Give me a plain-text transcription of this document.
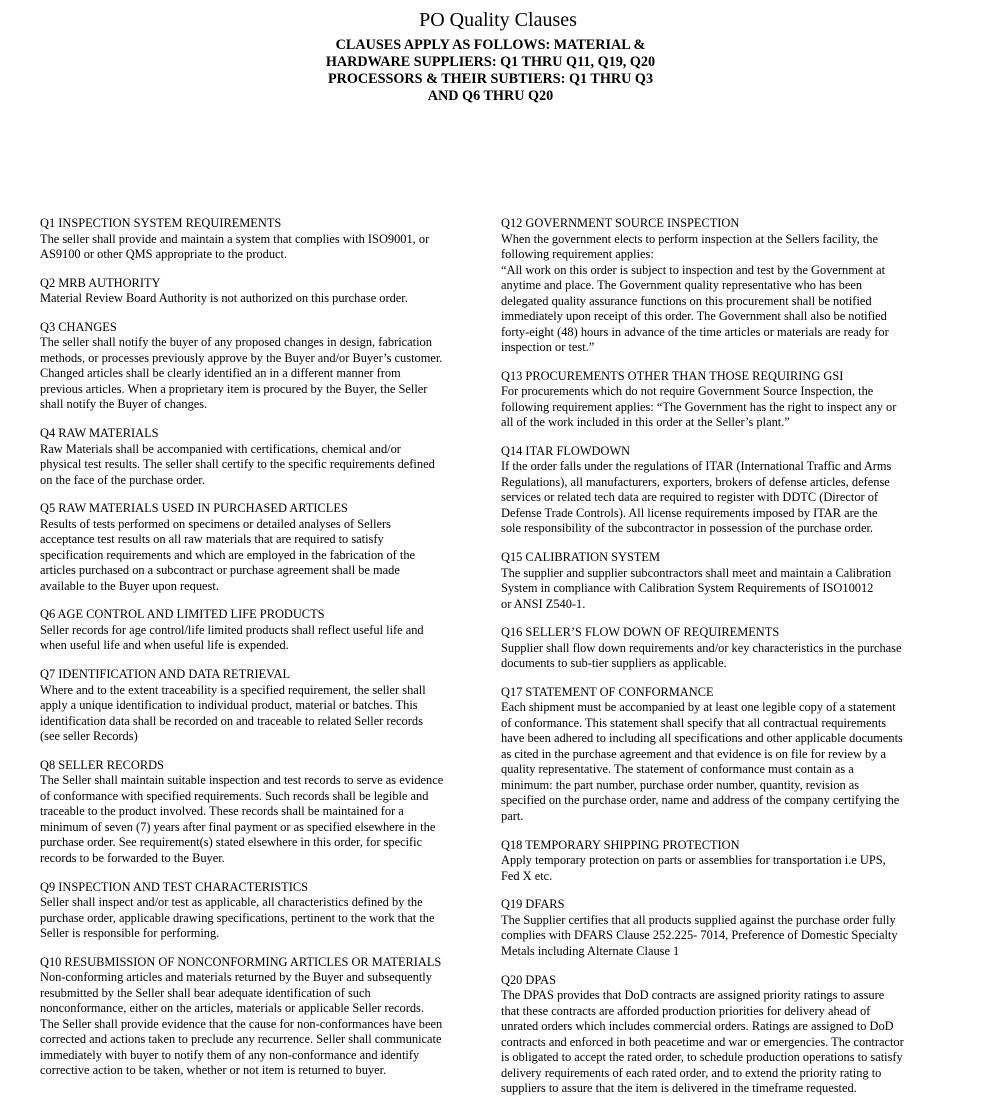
PO Quality Clauses
CLAUSES APPLY AS FOLLOWS: MATERIAL &
HARDWARE SUPPLIERS: Q1 THRU Q11, Q19, Q20
PROCESSORS & THEIR SUBTIERS: Q1 THRU Q3
AND Q6 THRU Q20
Q1 INSPECTION SYSTEM REQUIREMENTS
The seller shall provide and maintain a system that complies with ISO9001, or
AS9100 or other QMS appropriate to the product.
Q2 MRB AUTHORITY
Material Review Board Authority is not authorized on this purchase order.
Q3 CHANGES
The seller shall notify the buyer of any proposed changes in design, fabrication
methods, or processes previously approve by the Buyer and/or Buyer’s customer.
Changed articles shall be clearly identified an in a different manner from
previous articles. When a proprietary item is procured by the Buyer, the Seller
shall notify the Buyer of changes.
Q4 RAW MATERIALS
Raw Materials shall be accompanied with certifications, chemical and/or
physical test results. The seller shall certify to the specific requirements defined
on the face of the purchase order.
Q5 RAW MATERIALS USED IN PURCHASED ARTICLES
Results of tests performed on specimens or detailed analyses of Sellers
acceptance test results on all raw materials that are required to satisfy
specification requirements and which are employed in the fabrication of the
articles purchased on a subcontract or purchase agreement shall be made
available to the Buyer upon request.
Q6 AGE CONTROL AND LIMITED LIFE PRODUCTS
Seller records for age control/life limited products shall reflect useful life and
when useful life and when useful life is expended.
Q7 IDENTIFICATION AND DATA RETRIEVAL
Where and to the extent traceability is a specified requirement, the seller shall
apply a unique identification to individual product, material or batches. This
identification data shall be recorded on and traceable to related Seller records
(see seller Records)
Q8 SELLER RECORDS
The Seller shall maintain suitable inspection and test records to serve as evidence
of conformance with specified requirements. Such records shall be legible and
traceable to the product involved. These records shall be maintained for a
minimum of seven (7) years after final payment or as specified elsewhere in the
purchase order. See requirement(s) stated elsewhere in this order, for specific
records to be forwarded to the Buyer.
Q9 INSPECTION AND TEST CHARACTERISTICS
Seller shall inspect and/or test as applicable, all characteristics defined by the
purchase order, applicable drawing specifications, pertinent to the work that the
Seller is responsible for performing.
Q10 RESUBMISSION OF NONCONFORMING ARTICLES OR MATERIALS
Non-conforming articles and materials returned by the Buyer and subsequently
resubmitted by the Seller shall bear adequate identification of such
nonconformance, either on the articles, materials or applicable Seller records.
The Seller shall provide evidence that the cause for non-conformances have been
corrected and actions taken to preclude any recurrence. Seller shall communicate
immediately with buyer to notify them of any non-conformance and identify
corrective action to be taken, whether or not item is returned to buyer.
Q12 GOVERNMENT SOURCE INSPECTION
When the government elects to perform inspection at the Sellers facility, the
following requirement applies:
“All work on this order is subject to inspection and test by the Government at
anytime and place. The Government quality representative who has been
delegated quality assurance functions on this procurement shall be notified
immediately upon receipt of this order. The Government shall also be notified
forty-eight (48) hours in advance of the time articles or materials are ready for
inspection or test.”
Q13 PROCUREMENTS OTHER THAN THOSE REQUIRING GSI
For procurements which do not require Government Source Inspection, the
following requirement applies: “The Government has the right to inspect any or
all of the work included in this order at the Seller’s plant.”
Q14 ITAR FLOWDOWN
If the order falls under the regulations of ITAR (International Traffic and Arms
Regulations), all manufacturers, exporters, brokers of defense articles, defense
services or related tech data are required to register with DDTC (Director of
Defense Trade Controls). All license requirements imposed by ITAR are the
sole responsibility of the subcontractor in possession of the purchase order.
Q15 CALIBRATION SYSTEM
The supplier and supplier subcontractors shall meet and maintain a Calibration
System in compliance with Calibration System Requirements of ISO10012
or ANSI Z540-1.
Q16 SELLER’S FLOW DOWN OF REQUIREMENTS
Supplier shall flow down requirements and/or key characteristics in the purchase
documents to sub-tier suppliers as applicable.
Q17 STATEMENT OF CONFORMANCE
Each shipment must be accompanied by at least one legible copy of a statement
of conformance. This statement shall specify that all contractual requirements
have been adhered to including all specifications and other applicable documents
as cited in the purchase agreement and that evidence is on file for review by a
quality representative. The statement of conformance must contain as a
minimum: the part number, purchase order number, quantity, revision as
specified on the purchase order, name and address of the company certifying the
part.
Q18 TEMPORARY SHIPPING PROTECTION
Apply temporary protection on parts or assemblies for transportation i.e UPS,
Fed X etc.
Q19 DFARS
The Supplier certifies that all products supplied against the purchase order fully
complies with DFARS Clause 252.225- 7014, Preference of Domestic Specialty
Metals including Alternate Clause 1
Q20 DPAS
The DPAS provides that DoD contracts are assigned priority ratings to assure
that these contracts are afforded production priorities for delivery ahead of
unrated orders which includes commercial orders. Ratings are assigned to DoD
contracts and enforced in both peacetime and war or emergencies. The contractor
is obligated to accept the rated order, to schedule production operations to satisfy
delivery requirements of each rated order, and to extend the priority rating to
suppliers to assure that the item is delivered in the timeframe requested.
